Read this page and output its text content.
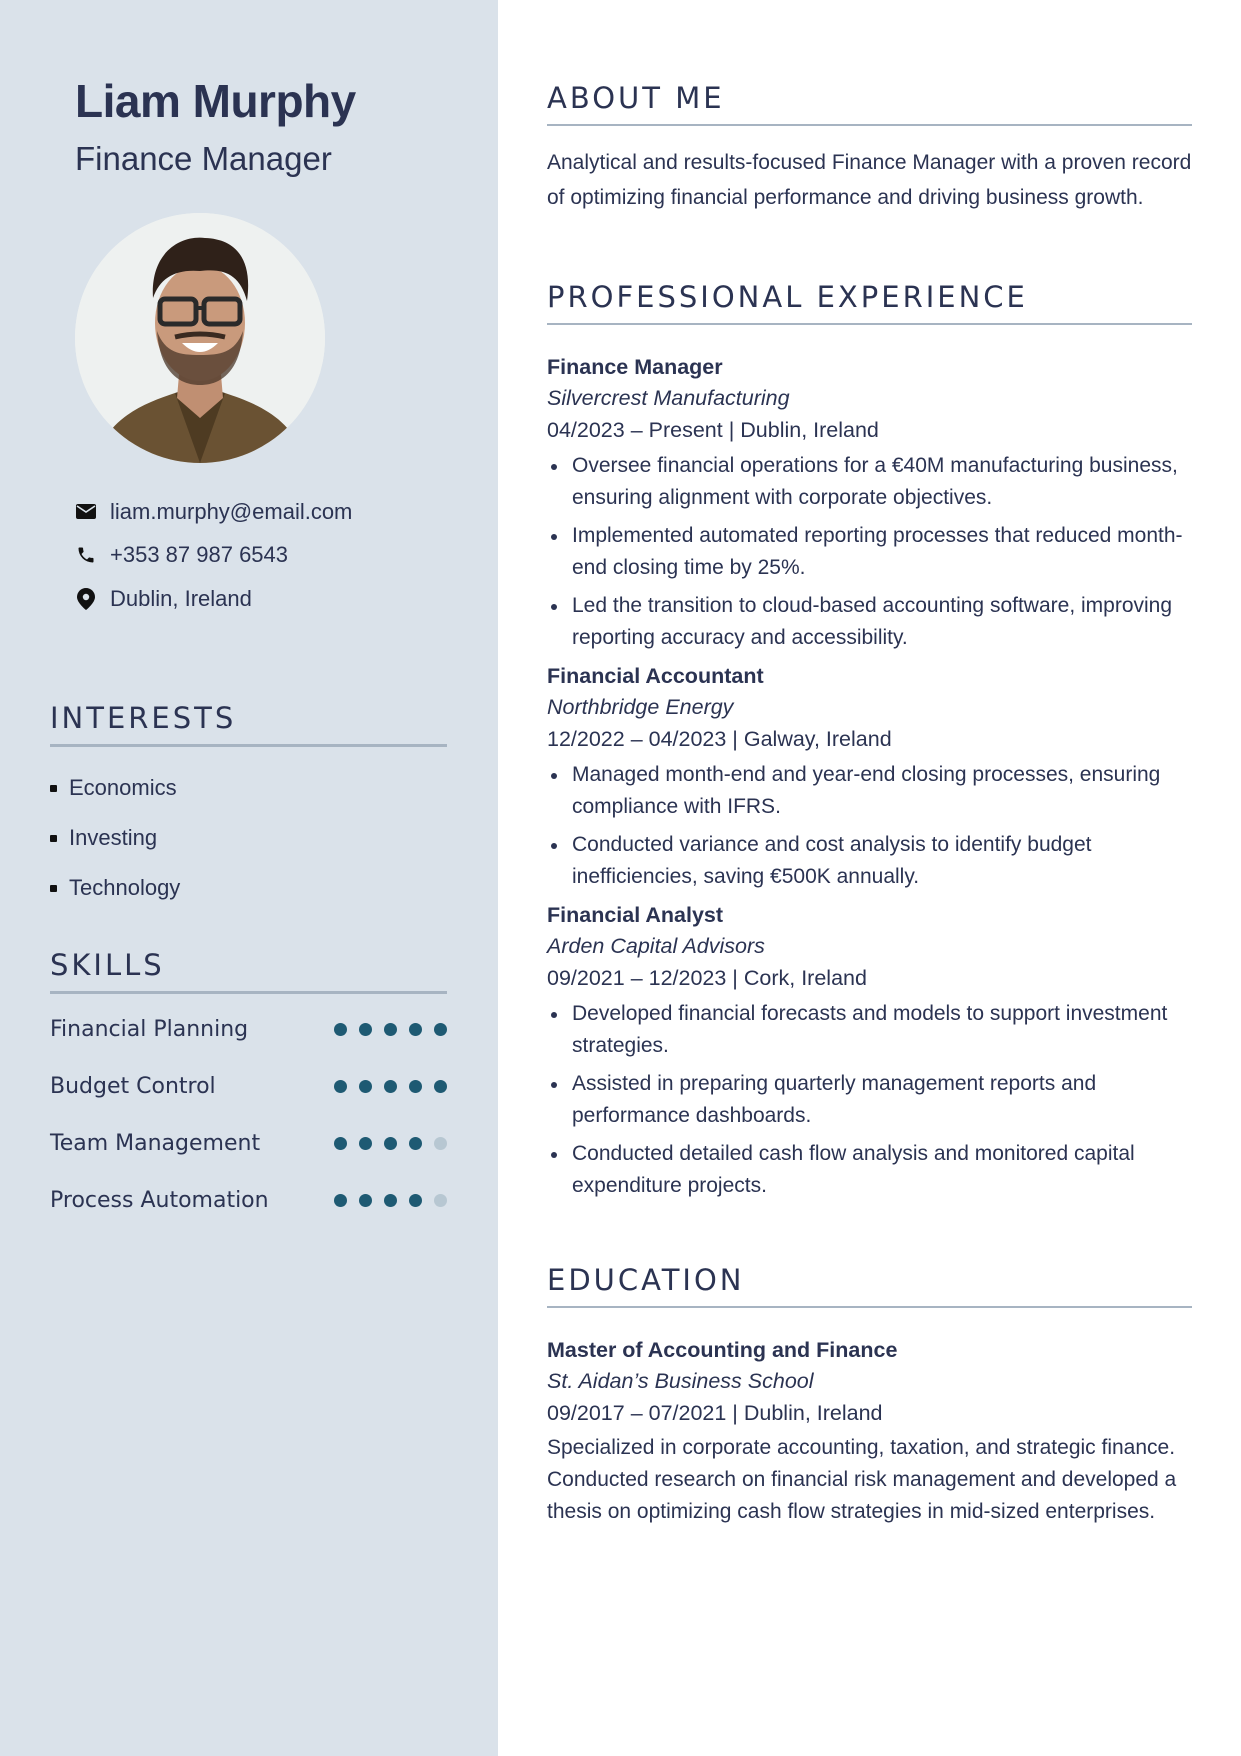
Liam Murphy
Finance Manager
liam.murphy@email.com
+353 87 987 6543
Dublin, Ireland
INTERESTS
Economics
Investing
Technology
SKILLS
Financial Planning
Budget Control
Team Management
Process Automation
ABOUT ME

Analytical and results-focused Finance Manager with a proven record of optimizing financial performance and driving business growth.

PROFESSIONAL EXPERIENCE
Finance Manager
Silvercrest Manufacturing
04/2023 – Present | Dublin, Ireland
Oversee financial operations for a €40M manufacturing business, ensuring alignment with corporate objectives.
Implemented automated reporting processes that reduced month-end closing time by 25%.
Led the transition to cloud-based accounting software, improving reporting accuracy and accessibility.
Financial Accountant
Northbridge Energy
12/2022 – 04/2023 | Galway, Ireland
Managed month-end and year-end closing processes, ensuring compliance with IFRS.
Conducted variance and cost analysis to identify budget inefficiencies, saving €500K annually.
Financial Analyst
Arden Capital Advisors
09/2021 – 12/2023 | Cork, Ireland
Developed financial forecasts and models to support investment strategies.
Assisted in preparing quarterly management reports and performance dashboards.
Conducted detailed cash flow analysis and monitored capital expenditure projects.
EDUCATION
Master of Accounting and Finance
St. Aidan’s Business School
09/2017 – 07/2021 | Dublin, Ireland

Specialized in corporate accounting, taxation, and strategic finance. Conducted research on financial risk management and developed a thesis on optimizing cash flow strategies in mid-sized enterprises.
